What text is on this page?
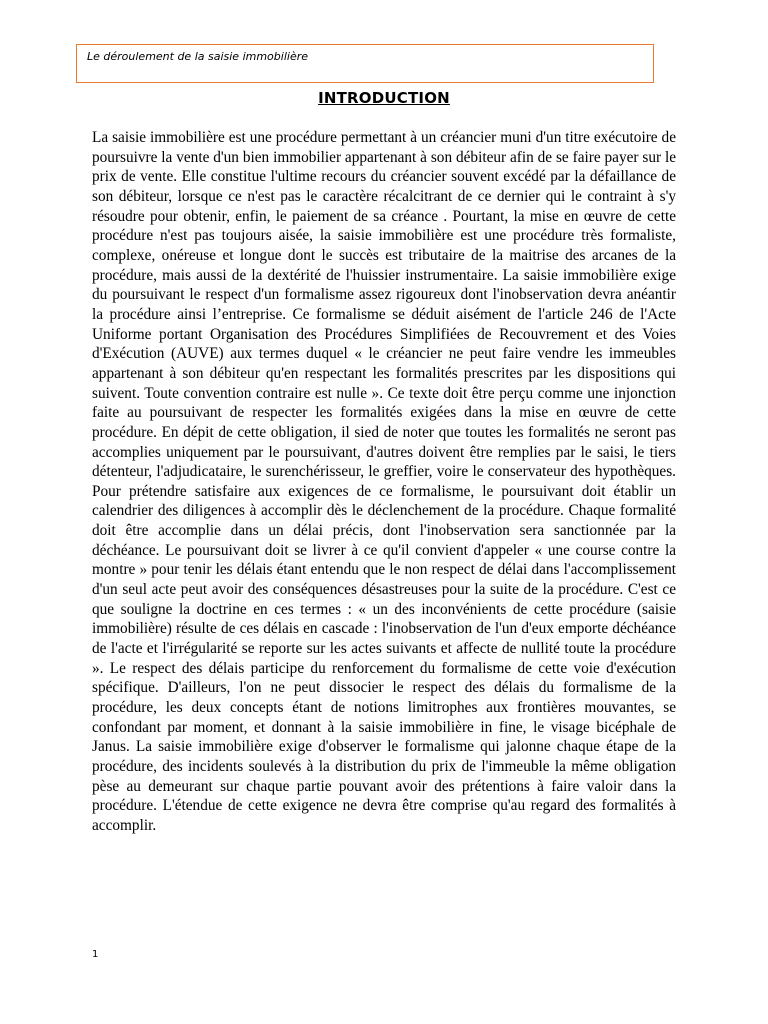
Le déroulement de la saisie immobilière
INTRODUCTION

La saisie immobilière est une procédure permettant à un créancier muni d'un titre exécutoire de poursuivre la vente d'un bien immobilier appartenant à son débiteur afin de se faire payer sur le prix de vente. Elle constitue l'ultime recours du créancier souvent excédé par la défaillance de son débiteur, lorsque ce n'est pas le caractère récalcitrant de ce dernier qui le contraint à s'y résoudre pour obtenir, enfin, le paiement de sa créance . Pourtant, la mise en œuvre de cette procédure n'est pas toujours aisée, la saisie immobilière est une procédure très formaliste, complexe, onéreuse et longue dont le succès est tributaire de la maitrise des arcanes de la procédure, mais aussi de la dextérité de l'huissier instrumentaire. La saisie immobilière exige du poursuivant le respect d'un formalisme assez rigoureux dont l'inobservation devra anéantir la procédure ainsi l’entreprise. Ce formalisme se déduit aisément de l'article 246 de l'Acte Uniforme portant Organisation des Procédures Simplifiées de Recouvrement et des Voies d'Exécution (AUVE) aux termes duquel « le créancier ne peut faire vendre les immeubles appartenant à son débiteur qu'en respectant les formalités prescrites par les dispositions qui suivent. Toute convention contraire est nulle ». Ce texte doit être perçu comme une injonction faite au poursuivant de respecter les formalités exigées dans la mise en œuvre de cette procédure. En dépit de cette obligation, il sied de noter que toutes les formalités ne seront pas accomplies uniquement par le poursuivant, d'autres doivent être remplies par le saisi, le tiers détenteur, l'adjudicataire, le surenchérisseur, le greffier, voire le conservateur des hypothèques. Pour prétendre satisfaire aux exigences de ce formalisme, le poursuivant doit établir un calendrier des diligences à accomplir dès le déclenchement de la procédure. Chaque formalité doit être accomplie dans un délai précis, dont l'inobservation sera sanctionnée par la déchéance. Le poursuivant doit se livrer à ce qu'il convient d'appeler « une course contre la montre » pour tenir les délais étant entendu que le non respect de délai dans l'accomplissement d'un seul acte peut avoir des conséquences désastreuses pour la suite de la procédure. C'est ce que souligne la doctrine en ces termes : « un des inconvénients de cette procédure (saisie immobilière) résulte de ces délais en cascade : l'inobservation de l'un d'eux emporte déchéance de l'acte et l'irrégularité se reporte sur les actes suivants et affecte de nullité toute la procédure ». Le respect des délais participe du renforcement du formalisme de cette voie d'exécution spécifique. D'ailleurs, l'on ne peut dissocier le respect des délais du formalisme de la procédure, les deux concepts étant de notions limitrophes aux frontières mouvantes, se confondant par moment, et donnant à la saisie immobilière in fine, le visage bicéphale de Janus. La saisie immobilière exige d'observer le formalisme qui jalonne chaque étape de la procédure, des incidents soulevés à la distribution du prix de l'immeuble la même obligation pèse au demeurant sur chaque partie pouvant avoir des prétentions à faire valoir dans la procédure. L'étendue de cette exigence ne devra être comprise qu'au regard des formalités à accomplir.

1
